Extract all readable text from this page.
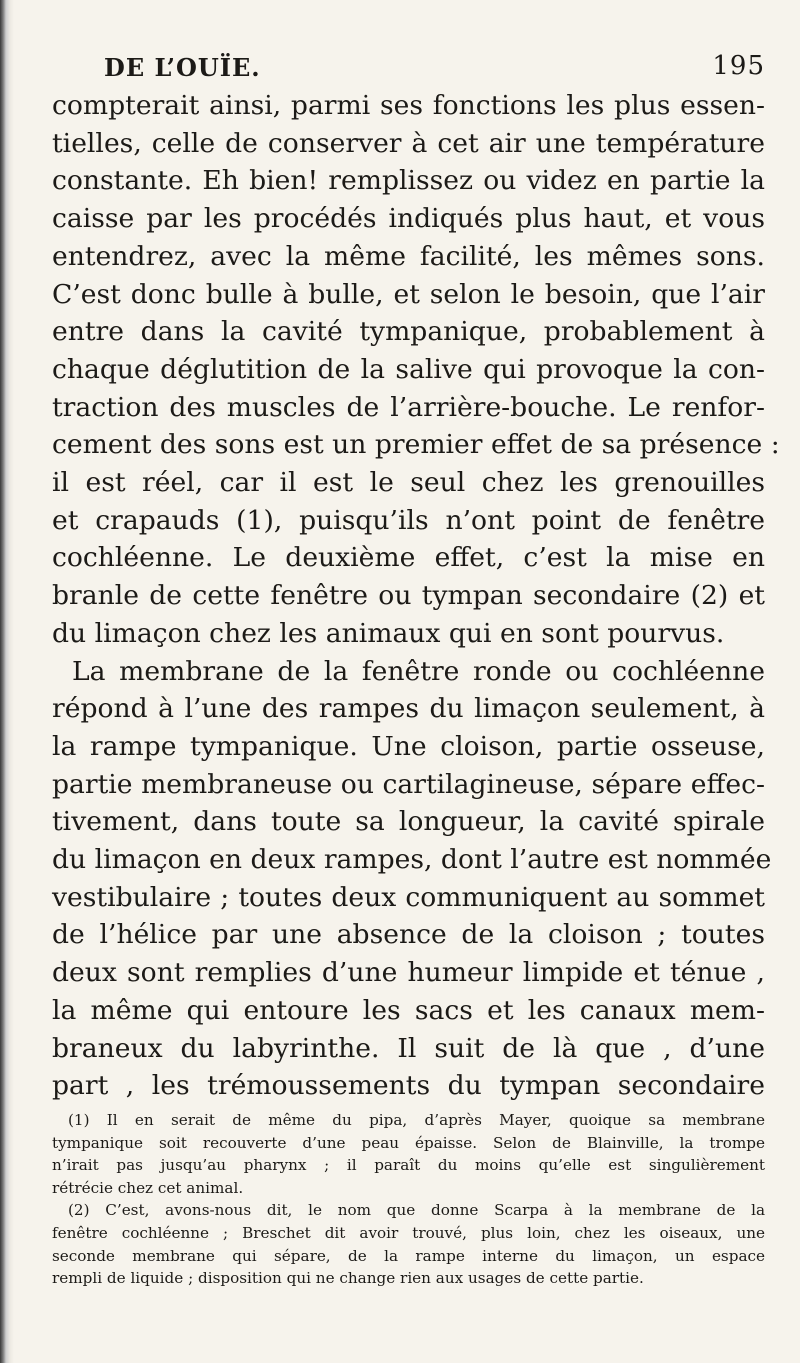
DE L’OUÏE.	195
compterait ainsi, parmi ses fonctions les plus essen-
tielles, celle de conserver à cet air une température
constante. Eh bien! remplissez ou videz en partie la
caisse par les procédés indiqués plus haut, et vous
entendrez, avec la même facilité, les mêmes sons.
C’est donc bulle à bulle, et selon le besoin, que l’air
entre dans la cavité tympanique, probablement à
chaque déglutition de la salive qui provoque la con-
traction des muscles de l’arrière-bouche. Le renfor-
cement des sons est un premier effet de sa présence :
il est réel, car il est le seul chez les grenouilles
et crapauds (1), puisqu’ils n’ont point de fenêtre
cochléenne. Le deuxième effet, c’est la mise en
branle de cette fenêtre ou tympan secondaire (2) et
du limaçon chez les animaux qui en sont pourvus.
La membrane de la fenêtre ronde ou cochléenne
répond à l’une des rampes du limaçon seulement, à
la rampe tympanique. Une cloison, partie osseuse,
partie membraneuse ou cartilagineuse, sépare effec-
tivement, dans toute sa longueur, la cavité spirale
du limaçon en deux rampes, dont l’autre est nommée
vestibulaire ; toutes deux communiquent au sommet
de l’hélice par une absence de la cloison ; toutes
deux sont remplies d’une humeur limpide et ténue ,
la même qui entoure les sacs et les canaux mem-
braneux du labyrinthe. Il suit de là que , d’une
part , les trémoussements du tympan secondaire
(1) Il en serait de même du pipa, d’après Mayer, quoique sa membrane
tympanique soit recouverte d’une peau épaisse. Selon de Blainville, la trompe
n’irait pas jusqu’au pharynx ; il paraît du moins qu’elle est singulièrement
rétrécie chez cet animal.
(2) C’est, avons-nous dit, le nom que donne Scarpa à la membrane de la
fenêtre cochléenne ; Breschet dit avoir trouvé, plus loin, chez les oiseaux, une
seconde membrane qui sépare, de la rampe interne du limaçon, un espace
rempli de liquide ; disposition qui ne change rien aux usages de cette partie.
